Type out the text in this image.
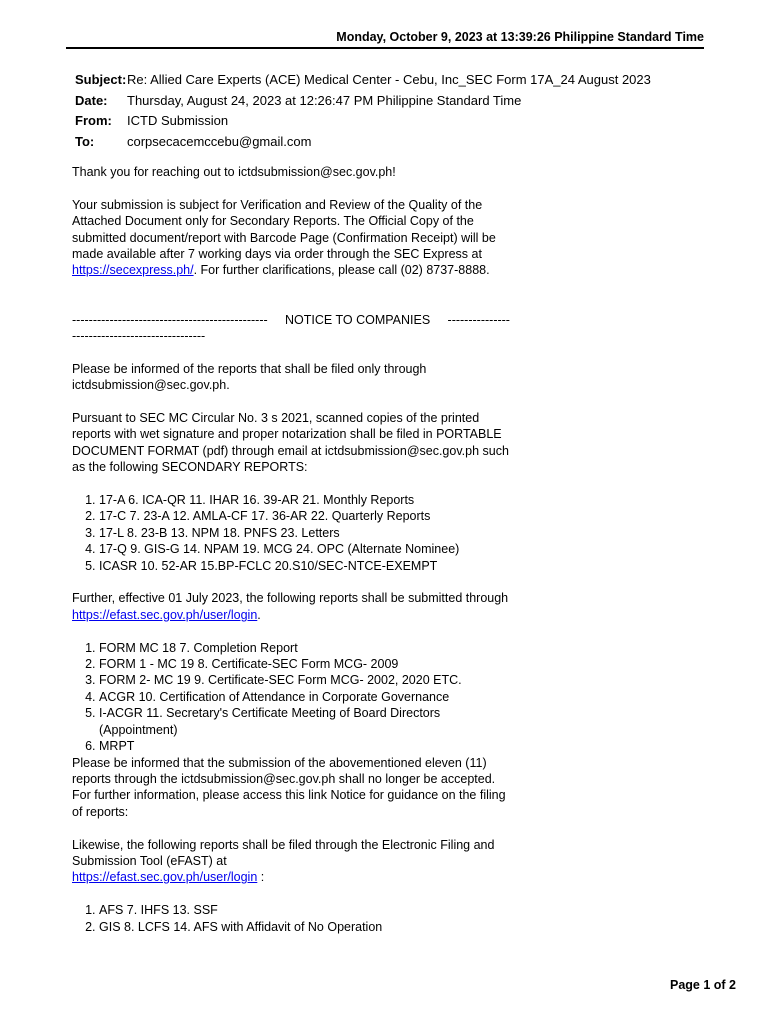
Monday, October 9, 2023 at 13:39:26 Philippine Standard Time
Subject: Re: Allied Care Experts (ACE) Medical Center - Cebu, Inc_SEC Form 17A_24 August 2023
Date:	Thursday, August 24, 2023 at 12:26:47 PM Philippine Standard Time
From:	ICTD Submission
To:	corpsecacemccebu@gmail.com

Thank you for reaching out to ictdsubmission@sec.gov.ph!

Your submission is subject for Verification and Review of the Quality of the Attached Document only for Secondary Reports. The Official Copy of the submitted document/report with Barcode Page (Confirmation Receipt) will be made available after 7 working days via order through the SEC Express at https://secexpress.ph/. For further clarifications, please call (02) 8737-8888.

-----------------------------------------------     NOTICE TO COMPANIES     -----------------------------------------------

Please be informed of the reports that shall be filed only through ictdsubmission@sec.gov.ph.

Pursuant to SEC MC Circular No. 3 s 2021, scanned copies of the printed reports with wet signature and proper notarization shall be filed in PORTABLE DOCUMENT FORMAT (pdf) through email at ictdsubmission@sec.gov.ph such as the following SECONDARY REPORTS:

1. 17-A 6. ICA-QR 11. IHAR 16. 39-AR 21. Monthly Reports
2. 17-C 7. 23-A 12. AMLA-CF 17. 36-AR 22. Quarterly Reports
3. 17-L 8. 23-B 13. NPM 18. PNFS 23. Letters
4. 17-Q 9. GIS-G 14. NPAM 19. MCG 24. OPC (Alternate Nominee)
5. ICASR 10. 52-AR 15.BP-FCLC 20.S10/SEC-NTCE-EXEMPT

Further, effective 01 July 2023, the following reports shall be submitted through https://efast.sec.gov.ph/user/login.

1. FORM MC 18 7. Completion Report
2. FORM 1 - MC 19 8. Certificate-SEC Form MCG- 2009
3. FORM 2- MC 19 9. Certificate-SEC Form MCG- 2002, 2020 ETC.
4. ACGR 10. Certification of Attendance in Corporate Governance
5. I-ACGR 11. Secretary's Certificate Meeting of Board Directors (Appointment)
6. MRPT

Please be informed that the submission of the abovementioned eleven (11) reports through the ictdsubmission@sec.gov.ph shall no longer be accepted. For further information, please access this link Notice for guidance on the filing of reports:

Likewise, the following reports shall be filed through the Electronic Filing and Submission Tool (eFAST) at
https://efast.sec.gov.ph/user/login :

1. AFS 7. IHFS 13. SSF
2. GIS 8. LCFS 14. AFS with Affidavit of No Operation
Page 1 of 2
